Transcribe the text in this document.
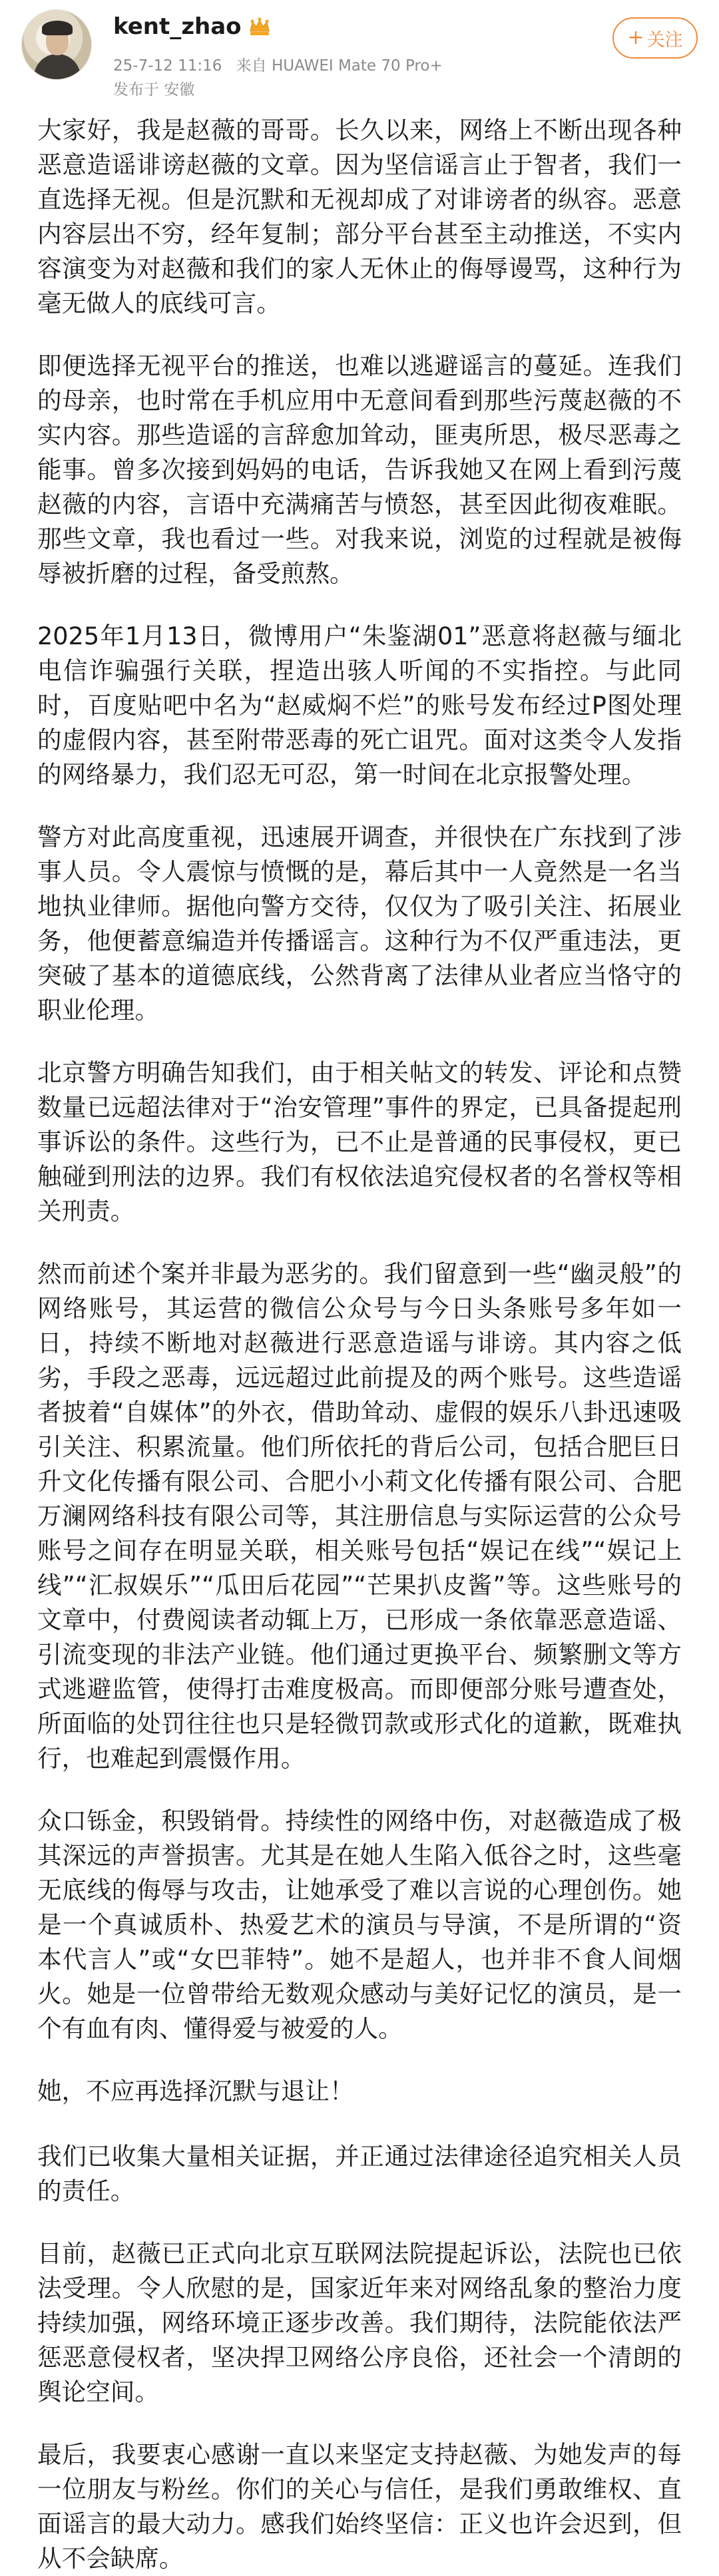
kent_zhao
25-7-12 11:16 来自 HUAWEI Mate 70 Pro+
发布于 安徽
+ 关注

大家好，我是赵薇的哥哥。长久以来，网络上不断出现各种恶意造谣诽谤赵薇的文章。因为坚信谣言止于智者，我们一直选择无视。但是沉默和无视却成了对诽谤者的纵容。恶意内容层出不穷，经年复制；部分平台甚至主动推送，不实内容演变为对赵薇和我们的家人无休止的侮辱谩骂，这种行为毫无做人的底线可言。

即便选择无视平台的推送，也难以逃避谣言的蔓延。连我们的母亲，也时常在手机应用中无意间看到那些污蔑赵薇的不实内容。那些造谣的言辞愈加耸动，匪夷所思，极尽恶毒之能事。曾多次接到妈妈的电话，告诉我她又在网上看到污蔑赵薇的内容，言语中充满痛苦与愤怒，甚至因此彻夜难眠。那些文章，我也看过一些。对我来说，浏览的过程就是被侮辱被折磨的过程，备受煎熬。

2025年1月13日，微博用户“朱鉴湖01”恶意将赵薇与缅北电信诈骗强行关联，捏造出骇人听闻的不实指控。与此同时，百度贴吧中名为“赵威焖不烂”的账号发布经过P图处理的虚假内容，甚至附带恶毒的死亡诅咒。面对这类令人发指的网络暴力，我们忍无可忍，第一时间在北京报警处理。

警方对此高度重视，迅速展开调查，并很快在广东找到了涉事人员。令人震惊与愤慨的是，幕后其中一人竟然是一名当地执业律师。据他向警方交待，仅仅为了吸引关注、拓展业务，他便蓄意编造并传播谣言。这种行为不仅严重违法，更突破了基本的道德底线，公然背离了法律从业者应当恪守的职业伦理。

北京警方明确告知我们，由于相关帖文的转发、评论和点赞数量已远超法律对于“治安管理”事件的界定，已具备提起刑事诉讼的条件。这些行为，已不止是普通的民事侵权，更已触碰到刑法的边界。我们有权依法追究侵权者的名誉权等相关刑责。

然而前述个案并非最为恶劣的。我们留意到一些“幽灵般”的网络账号，其运营的微信公众号与今日头条账号多年如一日，持续不断地对赵薇进行恶意造谣与诽谤。其内容之低劣，手段之恶毒，远远超过此前提及的两个账号。这些造谣者披着“自媒体”的外衣，借助耸动、虚假的娱乐八卦迅速吸引关注、积累流量。他们所依托的背后公司，包括合肥巨日升文化传播有限公司、合肥小小莉文化传播有限公司、合肥万澜网络科技有限公司等，其注册信息与实际运营的公众号账号之间存在明显关联，相关账号包括“娱记在线”“娱记上线”“汇叔娱乐”“瓜田后花园”“芒果扒皮酱”等。这些账号的文章中，付费阅读者动辄上万，已形成一条依靠恶意造谣、引流变现的非法产业链。他们通过更换平台、频繁删文等方式逃避监管，使得打击难度极高。而即便部分账号遭查处，所面临的处罚往往也只是轻微罚款或形式化的道歉，既难执行，也难起到震慑作用。

众口铄金，积毁销骨。持续性的网络中伤，对赵薇造成了极其深远的声誉损害。尤其是在她人生陷入低谷之时，这些毫无底线的侮辱与攻击，让她承受了难以言说的心理创伤。她是一个真诚质朴、热爱艺术的演员与导演，不是所谓的“资本代言人”或“女巴菲特”。她不是超人，也并非不食人间烟火。她是一位曾带给无数观众感动与美好记忆的演员，是一个有血有肉、懂得爱与被爱的人。

她，不应再选择沉默与退让！

我们已收集大量相关证据，并正通过法律途径追究相关人员的责任。

目前，赵薇已正式向北京互联网法院提起诉讼，法院也已依法受理。令人欣慰的是，国家近年来对网络乱象的整治力度持续加强，网络环境正逐步改善。我们期待，法院能依法严惩恶意侵权者，坚决捍卫网络公序良俗，还社会一个清朗的舆论空间。

最后，我要衷心感谢一直以来坚定支持赵薇、为她发声的每一位朋友与粉丝。你们的关心与信任，是我们勇敢维权、直面谣言的最大动力。感我们始终坚信：正义也许会迟到，但从不会缺席。
